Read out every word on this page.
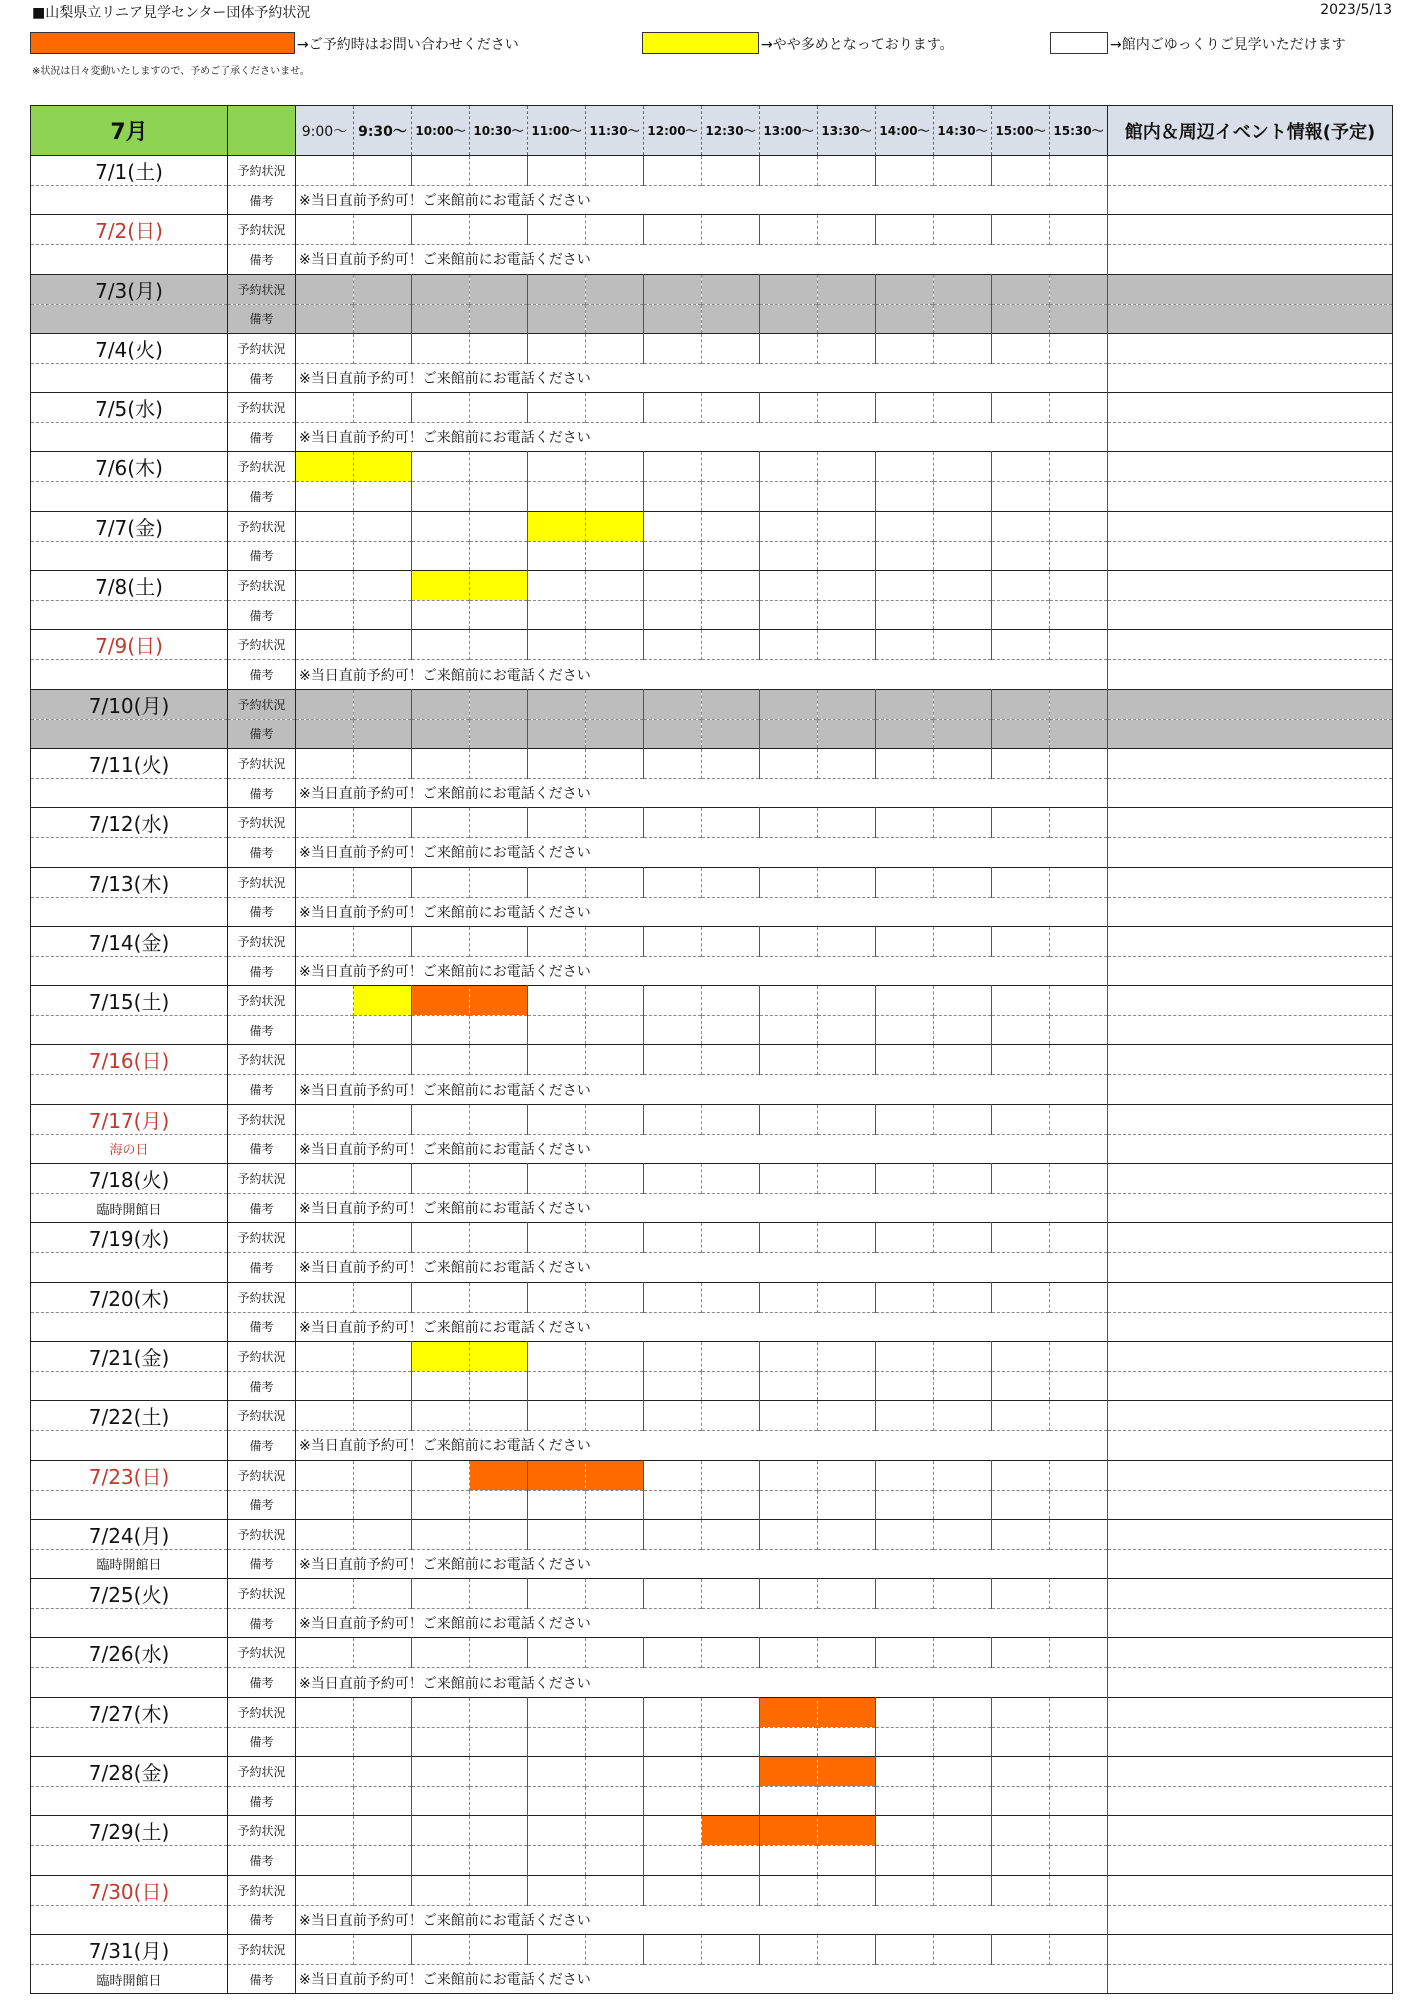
■山梨県立リニア見学センター団体予約状況	2023/5/13
→ご予約時はお問い合わせください	→やや多めとなっております。	→館内ごゆっくりご見学いただけます
※状況は日々変動いたしますので、予めご了承くださいませ。
7月		9:00〜	9:30〜	10:00〜	10:30〜	11:00〜	11:30〜	12:00〜	12:30〜	13:00〜	13:30〜	14:00〜	14:30〜	15:00〜	15:30〜	館内＆周辺イベント情報(予定)
7/1(土)	予約状況															
	備考	※当日直前予約可！ご来館前にお電話ください														
7/2(日)	予約状況															
	備考	※当日直前予約可！ご来館前にお電話ください														
7/3(月)	予約状況															
	備考															
7/4(火)	予約状況															
	備考	※当日直前予約可！ご来館前にお電話ください														
7/5(水)	予約状況															
	備考	※当日直前予約可！ご来館前にお電話ください														
7/6(木)	予約状況															
	備考															
7/7(金)	予約状況															
	備考															
7/8(土)	予約状況															
	備考															
7/9(日)	予約状況															
	備考	※当日直前予約可！ご来館前にお電話ください														
7/10(月)	予約状況															
	備考															
7/11(火)	予約状況															
	備考	※当日直前予約可！ご来館前にお電話ください														
7/12(水)	予約状況															
	備考	※当日直前予約可！ご来館前にお電話ください														
7/13(木)	予約状況															
	備考	※当日直前予約可！ご来館前にお電話ください														
7/14(金)	予約状況															
	備考	※当日直前予約可！ご来館前にお電話ください														
7/15(土)	予約状況															
	備考															
7/16(日)	予約状況															
	備考	※当日直前予約可！ご来館前にお電話ください														
7/17(月)	予約状況															
海の日	備考	※当日直前予約可！ご来館前にお電話ください														
7/18(火)	予約状況															
臨時開館日	備考	※当日直前予約可！ご来館前にお電話ください														
7/19(水)	予約状況															
	備考	※当日直前予約可！ご来館前にお電話ください														
7/20(木)	予約状況															
	備考	※当日直前予約可！ご来館前にお電話ください														
7/21(金)	予約状況															
	備考															
7/22(土)	予約状況															
	備考	※当日直前予約可！ご来館前にお電話ください														
7/23(日)	予約状況															
	備考															
7/24(月)	予約状況															
臨時開館日	備考	※当日直前予約可！ご来館前にお電話ください														
7/25(火)	予約状況															
	備考	※当日直前予約可！ご来館前にお電話ください														
7/26(水)	予約状況															
	備考	※当日直前予約可！ご来館前にお電話ください														
7/27(木)	予約状況															
	備考															
7/28(金)	予約状況															
	備考															
7/29(土)	予約状況															
	備考															
7/30(日)	予約状況															
	備考	※当日直前予約可！ご来館前にお電話ください														
7/31(月)	予約状況															
臨時開館日	備考	※当日直前予約可！ご来館前にお電話ください														
